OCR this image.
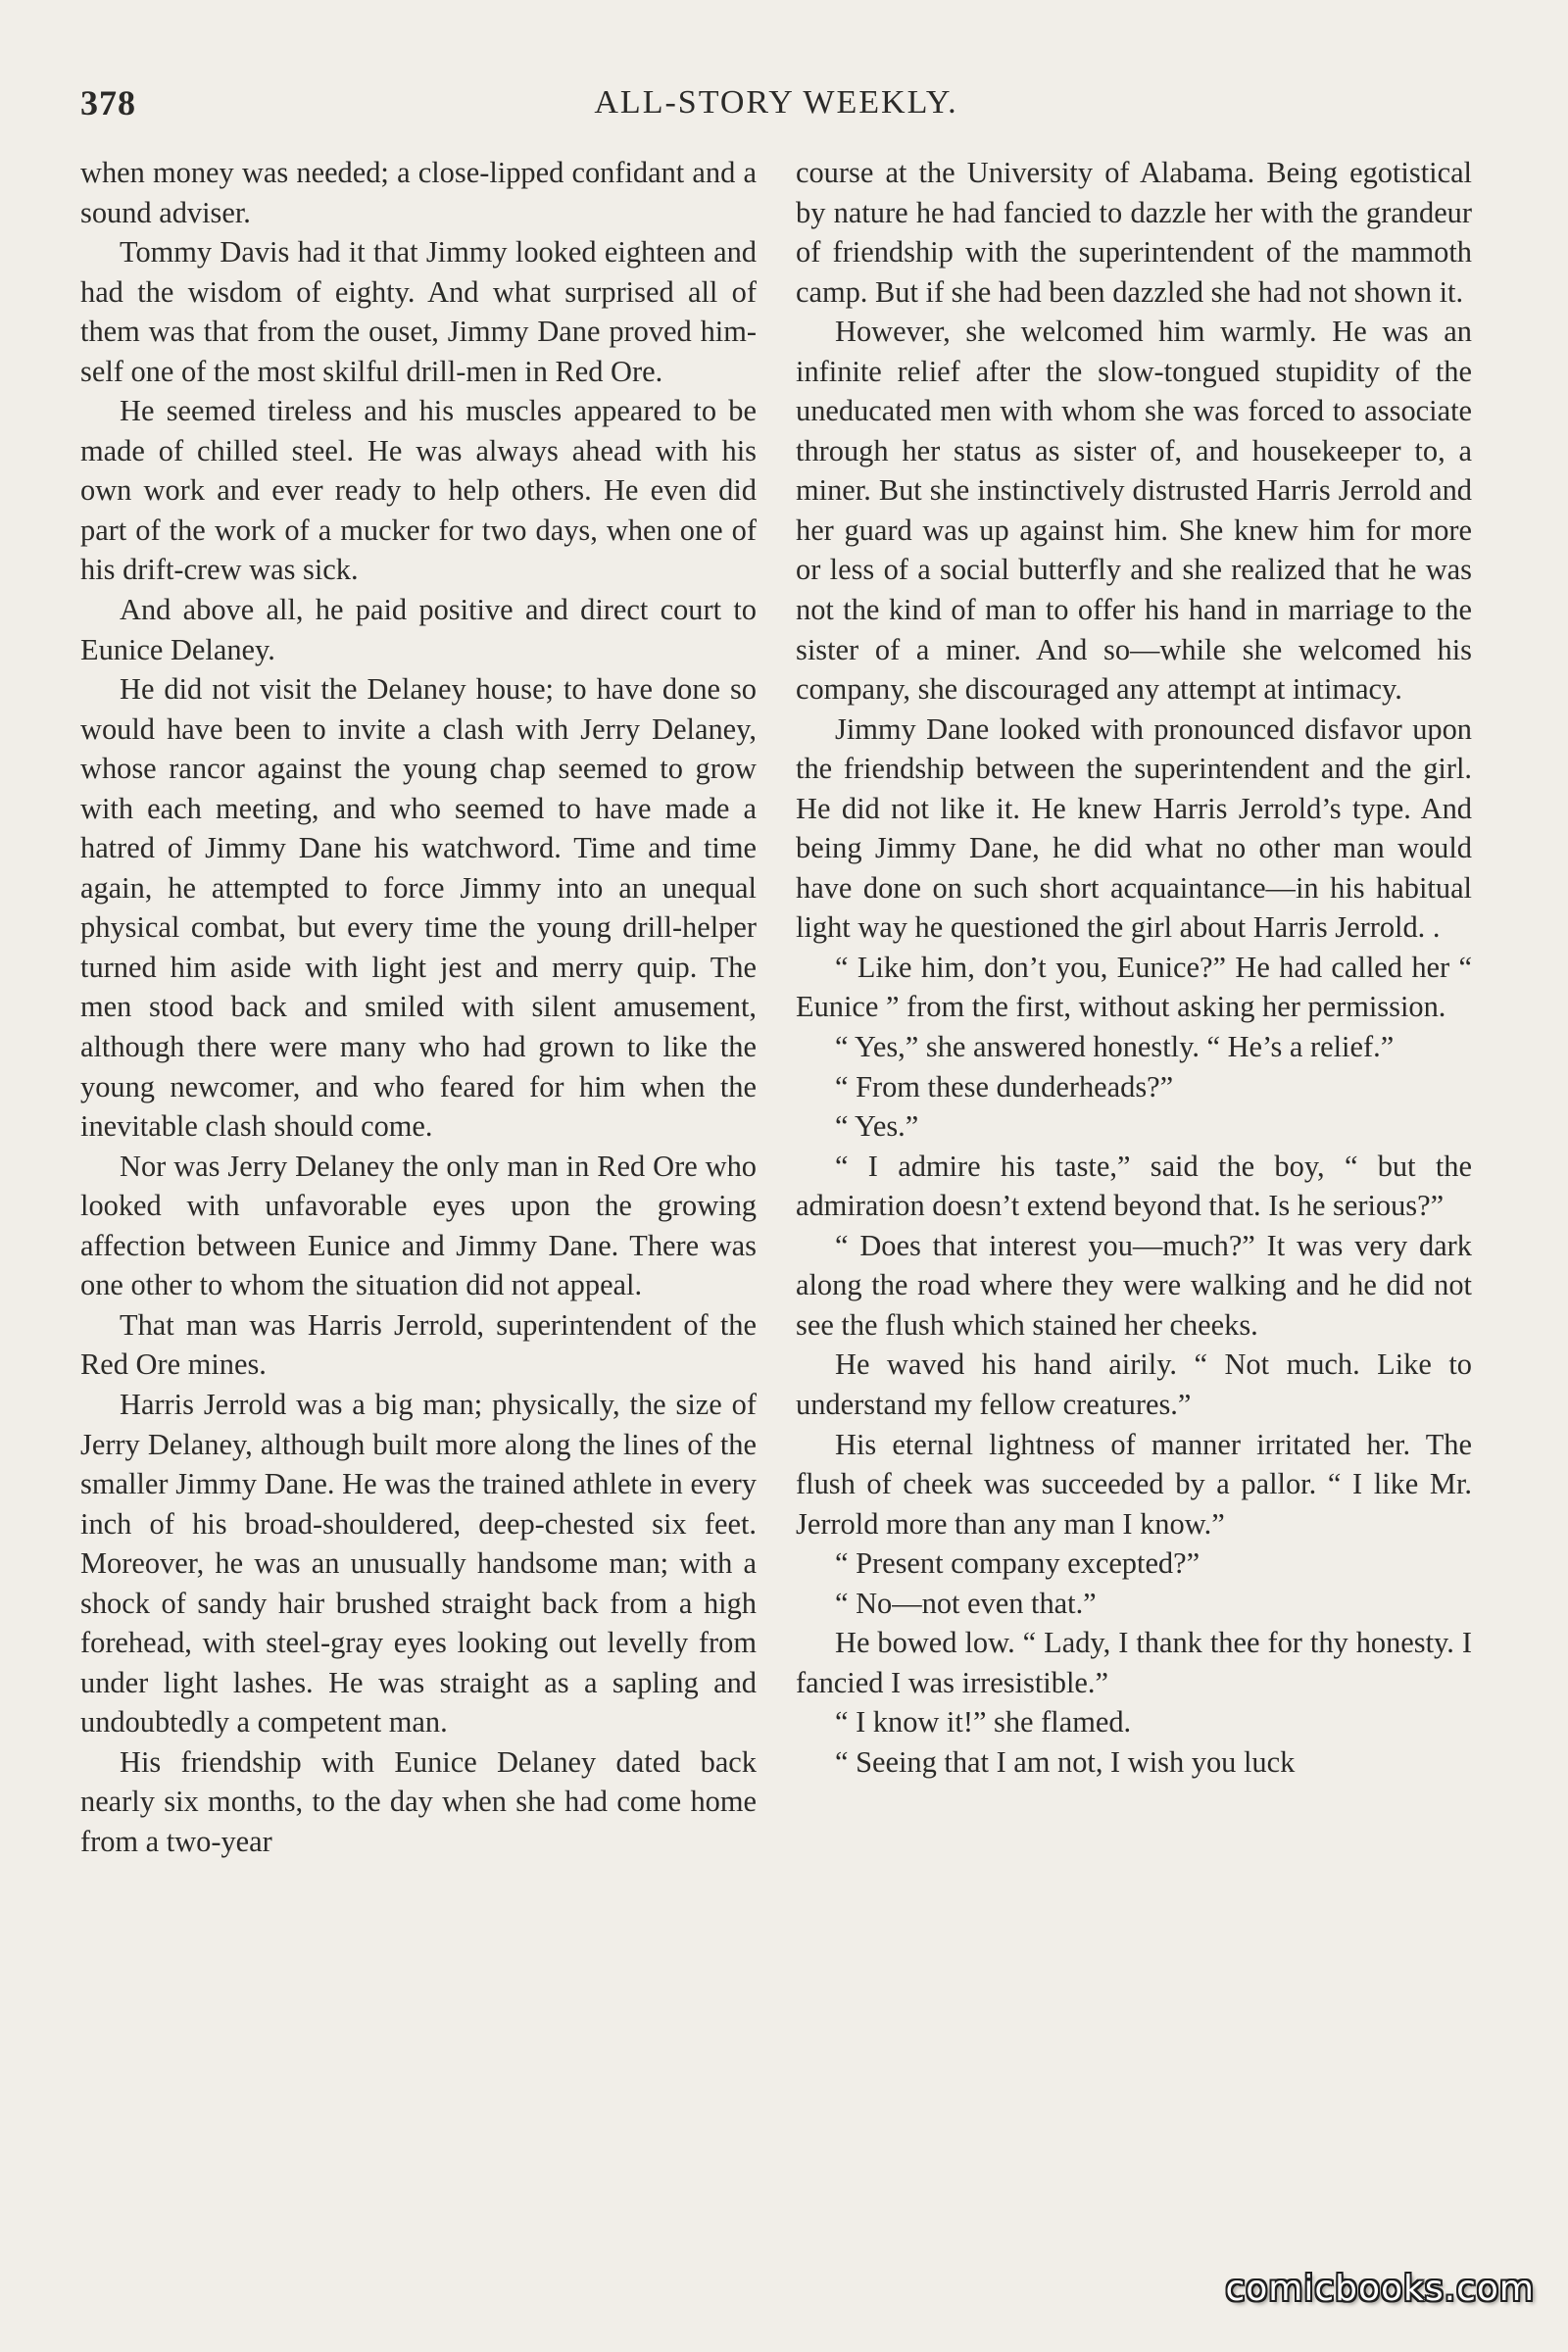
378	ALL-STORY WEEKLY.

when money was needed; a close-lipped confidant and a sound adviser.

Tommy Davis had it that Jimmy looked eighteen and had the wisdom of eighty. And what surprised all of them was that from the ouset, Jimmy Dane proved himself one of the most skilful drill-men in Red Ore.

He seemed tireless and his muscles appeared to be made of chilled steel. He was always ahead with his own work and ever ready to help others. He even did part of the work of a mucker for two days, when one of his drift-crew was sick.

And above all, he paid positive and direct court to Eunice Delaney.

He did not visit the Delaney house; to have done so would have been to invite a clash with Jerry Delaney, whose rancor against the young chap seemed to grow with each meeting, and who seemed to have made a hatred of Jimmy Dane his watchword. Time and time again, he attempted to force Jimmy into an unequal physical combat, but every time the young drill-helper turned him aside with light jest and merry quip. The men stood back and smiled with silent amusement, although there were many who had grown to like the young newcomer, and who feared for him when the inevitable clash should come.

Nor was Jerry Delaney the only man in Red Ore who looked with unfavorable eyes upon the growing affection between Eunice and Jimmy Dane. There was one other to whom the situation did not appeal.

That man was Harris Jerrold, superintendent of the Red Ore mines.

Harris Jerrold was a big man; physically, the size of Jerry Delaney, although built more along the lines of the smaller Jimmy Dane. He was the trained athlete in every inch of his broad-shouldered, deep-chested six feet. Moreover, he was an unusually handsome man; with a shock of sandy hair brushed straight back from a high forehead, with steel-gray eyes looking out levelly from under light lashes. He was straight as a sapling and undoubtedly a competent man.

His friendship with Eunice Delaney dated back nearly six months, to the day when she had come home from a two-year

course at the University of Alabama. Being egotistical by nature he had fancied to dazzle her with the grandeur of friendship with the superintendent of the mammoth camp. But if she had been dazzled she had not shown it.

However, she welcomed him warmly. He was an infinite relief after the slow-tongued stupidity of the uneducated men with whom she was forced to associate through her status as sister of, and housekeeper to, a miner. But she instinctively distrusted Harris Jerrold and her guard was up against him. She knew him for more or less of a social butterfly and she realized that he was not the kind of man to offer his hand in marriage to the sister of a miner. And so—while she welcomed his company, she discouraged any attempt at intimacy.

Jimmy Dane looked with pronounced disfavor upon the friendship between the superintendent and the girl. He did not like it. He knew Harris Jerrold’s type. And being Jimmy Dane, he did what no other man would have done on such short acquaintance—in his habitual light way he questioned the girl about Harris Jerrold. .

“ Like him, don’t you, Eunice?” He had called her “ Eunice ” from the first, without asking her permission.

“ Yes,” she answered honestly. “ He’s a relief.”

“ From these dunderheads?”

“ Yes.”

“ I admire his taste,” said the boy, “ but the admiration doesn’t extend beyond that. Is he serious?”

“ Does that interest you—much?” It was very dark along the road where they were walking and he did not see the flush which stained her cheeks.

He waved his hand airily. “ Not much. Like to understand my fellow creatures.”

His eternal lightness of manner irritated her. The flush of cheek was succeeded by a pallor. “ I like Mr. Jerrold more than any man I know.”

“ Present company excepted?”

“ No—not even that.”

He bowed low. “ Lady, I thank thee for thy honesty. I fancied I was irresistible.”

“ I know it!” she flamed.

“ Seeing that I am not, I wish you luck

comicbooks.com
